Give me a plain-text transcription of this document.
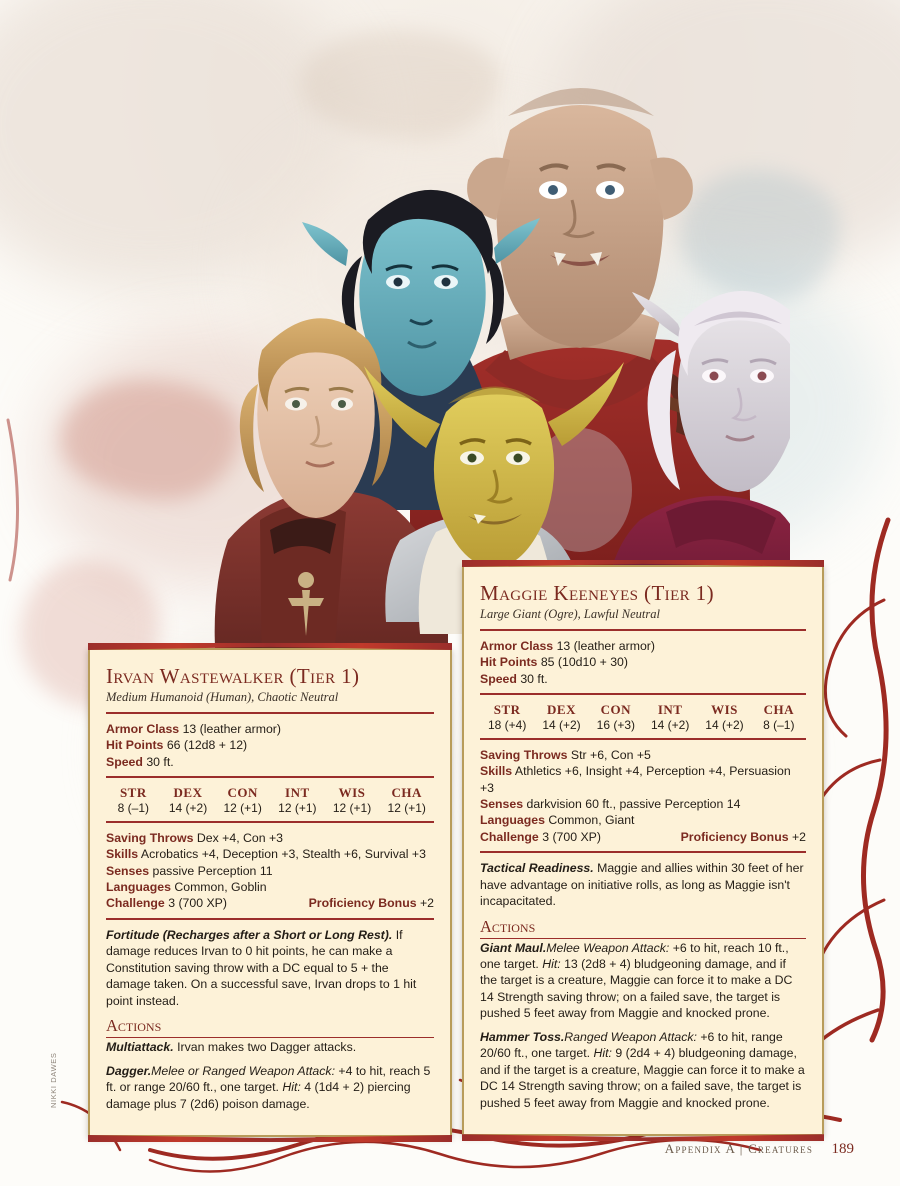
Irvan Wastewalker (Tier 1)
Medium Humanoid (Human), Chaotic Neutral

Armor Class 13 (leather armor)

Hit Points 66 (12d8 + 12)

Speed 30 ft.

STR
8 (–1)
DEX
14 (+2)
CON
12 (+1)
INT
12 (+1)
WIS
12 (+1)
CHA
12 (+1)

Saving Throws Dex +4, Con +3

Skills Acrobatics +4, Deception +3, Stealth +6, Survival +3

Senses passive Perception 11

Languages Common, Goblin

Challenge 3 (700 XP)	Proficiency Bonus +2

Fortitude (Recharges after a Short or Long Rest). If damage reduces Irvan to 0 hit points, he can make a Constitution saving throw with a DC equal to 5 + the damage taken. On a successful save, Irvan drops to 1 hit point instead.

Actions

Multiattack. Irvan makes two Dagger attacks.

Dagger.Melee or Ranged Weapon Attack: +4 to hit, reach 5 ft. or range 20/60 ft., one target. Hit: 4 (1d4 + 2) piercing damage plus 7 (2d6) poison damage.

Maggie Keeneyes (Tier 1)
Large Giant (Ogre), Lawful Neutral

Armor Class 13 (leather armor)

Hit Points 85 (10d10 + 30)

Speed 30 ft.

STR
18 (+4)
DEX
14 (+2)
CON
16 (+3)
INT
14 (+2)
WIS
14 (+2)
CHA
8 (–1)

Saving Throws Str +6, Con +5

Skills Athletics +6, Insight +4, Perception +4, Persuasion +3

Senses darkvision 60 ft., passive Perception 14

Languages Common, Giant

Challenge 3 (700 XP)	Proficiency Bonus +2

Tactical Readiness. Maggie and allies within 30 feet of her have advantage on initiative rolls, as long as Maggie isn't incapacitated.

Actions

Giant Maul.Melee Weapon Attack: +6 to hit, reach 10 ft., one target. Hit: 13 (2d8 + 4) bludgeoning damage, and if the target is a creature, Maggie can force it to make a DC 14 Strength saving throw; on a failed save, the target is pushed 5 feet away from Maggie and knocked prone.

Hammer Toss.Ranged Weapon Attack: +6 to hit, range 20/60 ft., one target. Hit: 9 (2d4 + 4) bludgeoning damage, and if the target is a creature, Maggie can force it to make a DC 14 Strength saving throw; on a failed save, the target is pushed 5 feet away from Maggie and knocked prone.

Appendix A | Creatures 189
NIKKI DAWES
